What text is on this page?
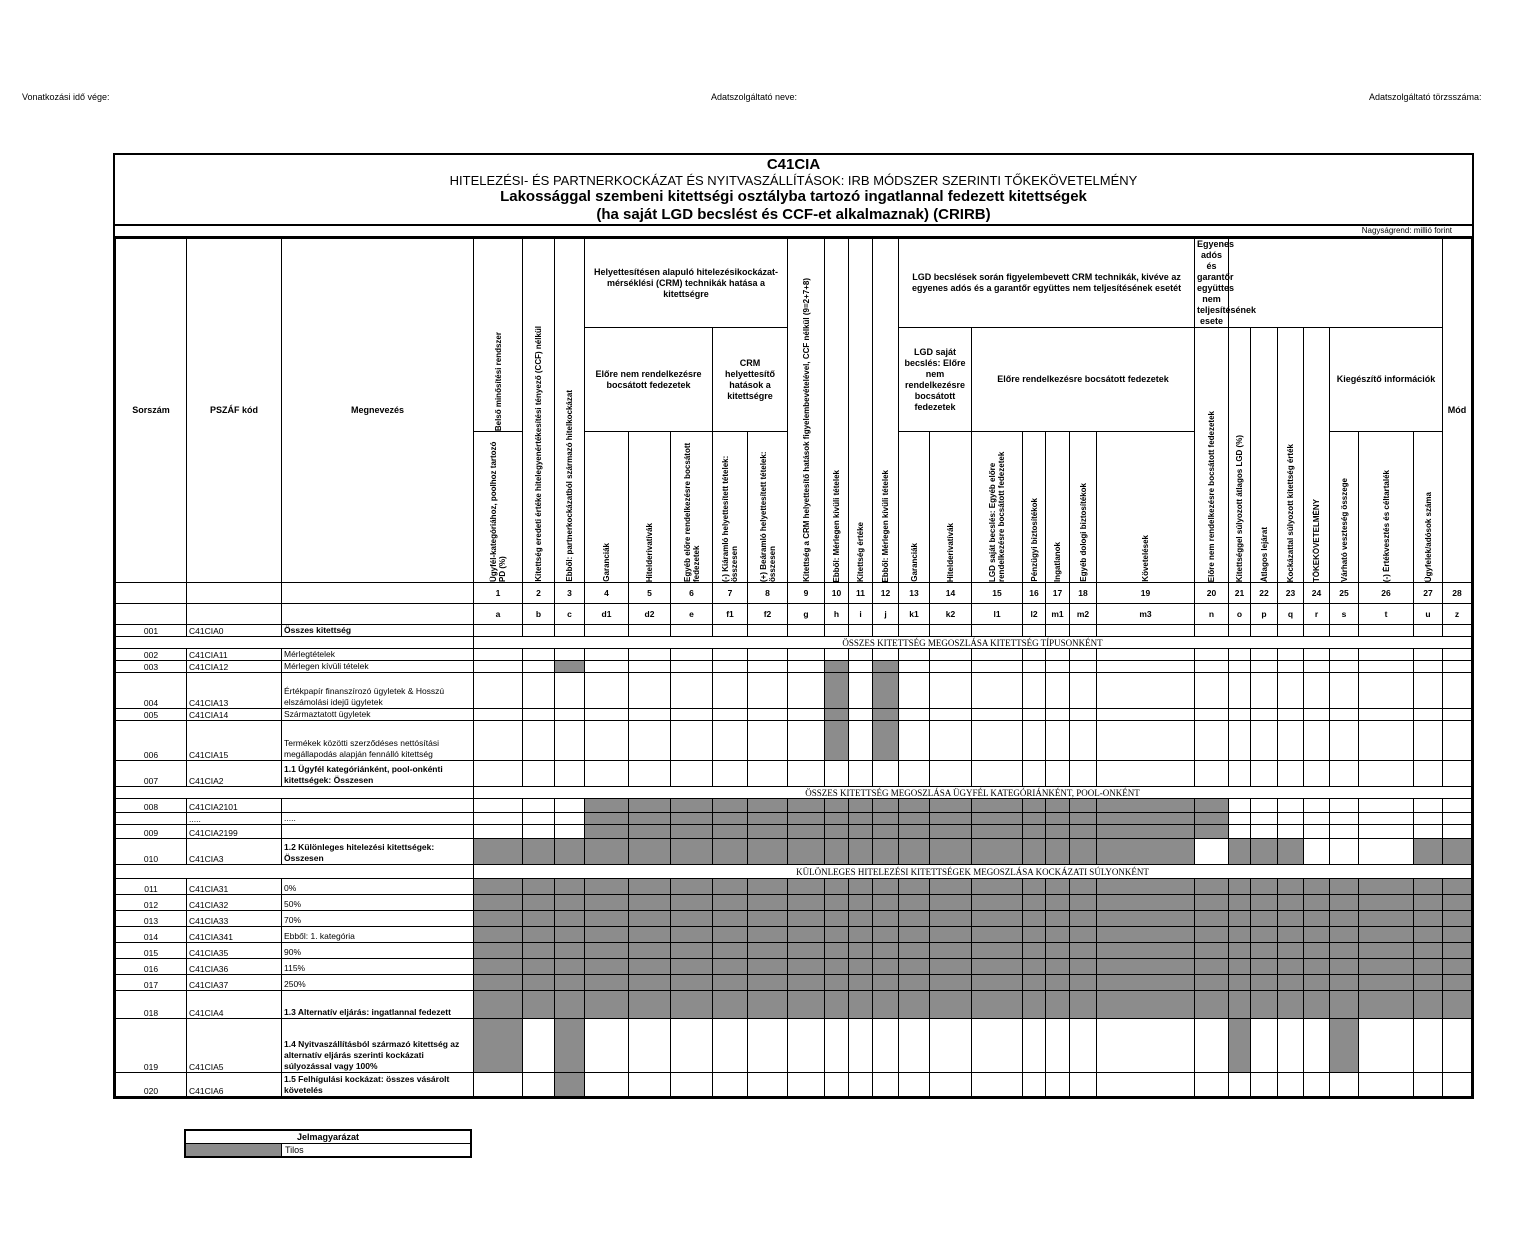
Vonatkozási idő vége:	Adatszolgáltató neve:	Adatszolgáltató törzsszáma:
C41CIA
HITELEZÉSI- ÉS PARTNERKOCKÁZAT ÉS NYITVASZÁLLÍTÁSOK: IRB MÓDSZER SZERINTI TŐKEKÖVETELMÉNY
Lakossággal szembeni kitettségi osztályba tartozó ingatlannal fedezett kitettségek
(ha saját LGD becslést és CCF-et alkalmaznak) (CRIRB)
Nagyságrend: millió forint
Sorszám	PSZÁF kód	Megnevezés	Belső minősítési rendszer	Kitettség eredeti értéke hitelegyenértékesítési tényező (CCF) nélkül	Ebből: partnerkockázatból származó hitelkockázat	Helyettesítésen alapuló hitelezésikockázat-mérséklési (CRM) technikák hatása a kitettségre					Kitettség a CRM helyettesítő hatások figyelembevételével, CCF nélkül (9=2+7+8)	Ebből: Mérlegen kívüli tételek	Kitettség értéke	Ebből: Mérlegen kívüli tételek	LGD becslések során figyelembevett CRM technikák, kivéve az egyenes adós és a garantőr együttes nem teljesítésének esetét							Egyenes adós és garantőr együttes nem teljesítésének esete								Mód
						Előre nem rendelkezésre bocsátott fedezetek			CRM helyettesítő hatások a kitettségre						LGD saját becslés: Előre nem rendelkezésre bocsátott fedezetek		Előre rendelkezésre bocsátott fedezetek					Előre nem rendelkezésre bocsátott fedezetek	Kitettséggel súlyozott átlagos LGD (%)	Átlagos lejárat	Kockázattal súlyozott kitettség érték	TŐKEKÖVETELMÉNY	Kiegészítő információk			

			Ügyfél-kategóriához, poolhoz tartozó PD (%)			Garanciák	Hitelderivatívák	Egyéb előre rendelkezésre bocsátott fedezetek	(-) Kiáramló helyettesített tételek: összesen	(+) Beáramló helyettesített tételek: összesen					Garanciák	Hitelderivatívák	LGD saját becslés: Egyéb előre rendelkezésre bocsátott fedezetek	Pénzügyi biztosítékok	Ingatlanok	Egyéb dologi biztosítékok	Követelések						Várható veszteség összege	(-) Értékvesztés és céltartalék	Ügyfelek/adósok száma	

			1	2	3	4	5	6	7	8	9	10	11	12	13	14	15	16	17	18	19	20	21	22	23	24	25	26	27	28
			a	b	c	d1	d2	e	f1	f2	g	h	i	j	k1	k2	l1	l2	m1	m2	m3	n	o	p	q	r	s	t	u	z
001	C41CIA0	Összes kitettség																												
			ÖSSZES KITETTSÉG MEGOSZLÁSA KITETTSÉG TÍPUSONKÉNT																											
002	C41CIA11	Mérlegtételek																												
003	C41CIA12	Mérlegen kívüli tételek																												
004	C41CIA13	Értékpapír finanszírozó ügyletek & Hosszú elszámolási idejű ügyletek																												
005	C41CIA14	Származtatott ügyletek																												
006	C41CIA15	Termékek közötti szerződéses nettósítási megállapodás alapján fennálló kitettség																												
007	C41CIA2	1.1 Ügyfél kategóriánként, pool-onkénti kitettségek: Összesen																												
			ÖSSZES KITETTSÉG MEGOSZLÁSA ÜGYFÉL KATEGÓRIÁNKÉNT, POOL-ONKÉNT																											
008	C41CIA2101																													
	.....	.....																												
009	C41CIA2199																													
010	C41CIA3	1.2 Különleges hitelezési kitettségek: Összesen																												
			KÜLÖNLEGES HITELEZÉSI KITETTSÉGEK MEGOSZLÁSA KOCKÁZATI SÚLYONKÉNT																											
011	C41CIA31	0%																												
012	C41CIA32	50%																												
013	C41CIA33	70%																												
014	C41CIA341	Ebből: 1. kategória																												
015	C41CIA35	90%																												
016	C41CIA36	115%																												
017	C41CIA37	250%																												
018	C41CIA4	1.3 Alternatív eljárás: ingatlannal fedezett																												
019	C41CIA5	1.4 Nyitvaszállításból származó kitettség az alternatív eljárás szerinti kockázati súlyozással vagy 100%																												
020	C41CIA6	1.5 Felhígulási kockázat: összes vásárolt követelés																												
Jelmagyarázat
Tilos
